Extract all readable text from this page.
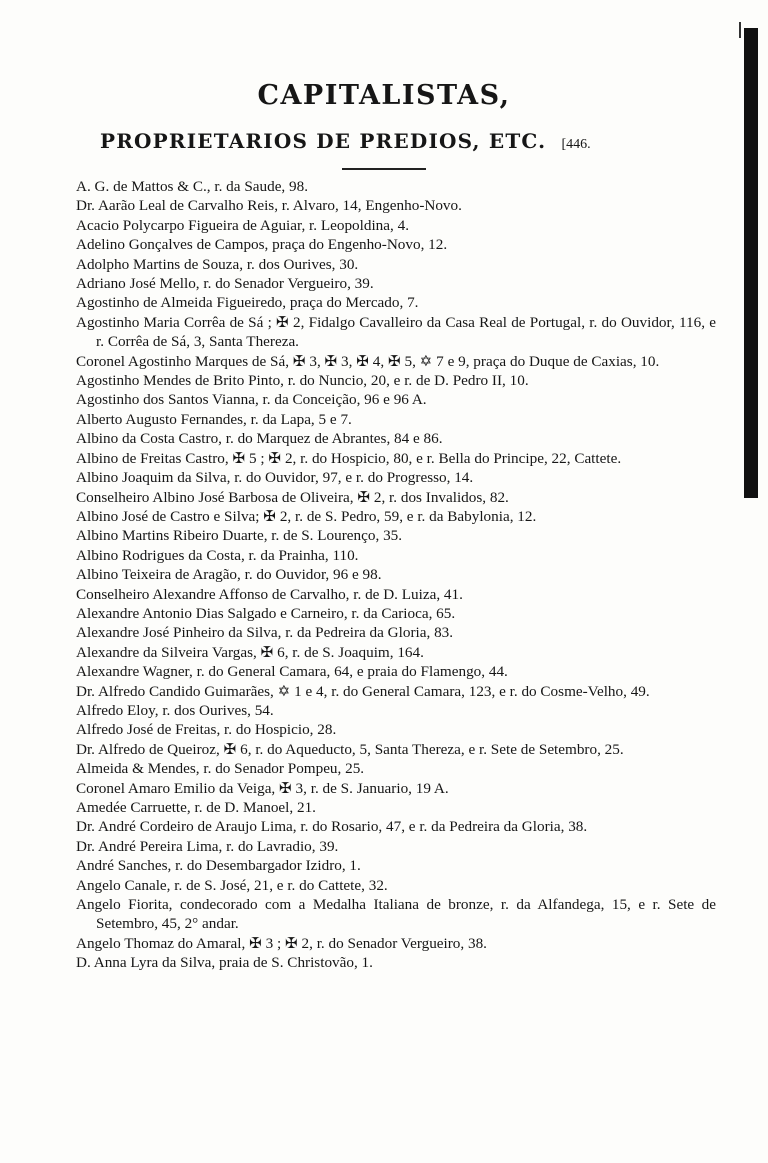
CAPITALISTAS,
PROPRIETARIOS DE PREDIOS, ETC. [446.
A. G. de Mattos & C., r. da Saude, 98.
Dr. Aarão Leal de Carvalho Reis, r. Alvaro, 14, Engenho-Novo.
Acacio Polycarpo Figueira de Aguiar, r. Leopoldina, 4.
Adelino Gonçalves de Campos, praça do Engenho-Novo, 12.
Adolpho Martins de Souza, r. dos Ourives, 30.
Adriano José Mello, r. do Senador Vergueiro, 39.
Agostinho de Almeida Figueiredo, praça do Mercado, 7.
Agostinho Maria Corrêa de Sá ; ✠ 2, Fidalgo Cavalleiro da Casa Real de Portugal, r. do Ouvidor, 116, e r. Corrêa de Sá, 3, Santa Thereza.
Coronel Agostinho Marques de Sá, ✠ 3, ✠ 3, ✠ 4, ✠ 5, ✡ 7 e 9, praça do Duque de Caxias, 10.
Agostinho Mendes de Brito Pinto, r. do Nuncio, 20, e r. de D. Pedro II, 10.
Agostinho dos Santos Vianna, r. da Conceição, 96 e 96 A.
Alberto Augusto Fernandes, r. da Lapa, 5 e 7.
Albino da Costa Castro, r. do Marquez de Abrantes, 84 e 86.
Albino de Freitas Castro, ✠ 5 ; ✠ 2, r. do Hospicio, 80, e r. Bella do Principe, 22, Cattete.
Albino Joaquim da Silva, r. do Ouvidor, 97, e r. do Progresso, 14.
Conselheiro Albino José Barbosa de Oliveira, ✠ 2, r. dos Invalidos, 82.
Albino José de Castro e Silva; ✠ 2, r. de S. Pedro, 59, e r. da Babylonia, 12.
Albino Martins Ribeiro Duarte, r. de S. Lourenço, 35.
Albino Rodrigues da Costa, r. da Prainha, 110.
Albino Teixeira de Aragão, r. do Ouvidor, 96 e 98.
Conselheiro Alexandre Affonso de Carvalho, r. de D. Luiza, 41.
Alexandre Antonio Dias Salgado e Carneiro, r. da Carioca, 65.
Alexandre José Pinheiro da Silva, r. da Pedreira da Gloria, 83.
Alexandre da Silveira Vargas, ✠ 6, r. de S. Joaquim, 164.
Alexandre Wagner, r. do General Camara, 64, e praia do Flamengo, 44.
Dr. Alfredo Candido Guimarães, ✡ 1 e 4, r. do General Camara, 123, e r. do Cosme-Velho, 49.
Alfredo Eloy, r. dos Ourives, 54.
Alfredo José de Freitas, r. do Hospicio, 28.
Dr. Alfredo de Queiroz, ✠ 6, r. do Aqueducto, 5, Santa Thereza, e r. Sete de Setembro, 25.
Almeida & Mendes, r. do Senador Pompeu, 25.
Coronel Amaro Emilio da Veiga, ✠ 3, r. de S. Januario, 19 A.
Amedée Carruette, r. de D. Manoel, 21.
Dr. André Cordeiro de Araujo Lima, r. do Rosario, 47, e r. da Pedreira da Gloria, 38.
Dr. André Pereira Lima, r. do Lavradio, 39.
André Sanches, r. do Desembargador Izidro, 1.
Angelo Canale, r. de S. José, 21, e r. do Cattete, 32.
Angelo Fiorita, condecorado com a Medalha Italiana de bronze, r. da Alfandega, 15, e r. Sete de Setembro, 45, 2° andar.
Angelo Thomaz do Amaral, ✠ 3 ; ✠ 2, r. do Senador Vergueiro, 38.
D. Anna Lyra da Silva, praia de S. Christovão, 1.
